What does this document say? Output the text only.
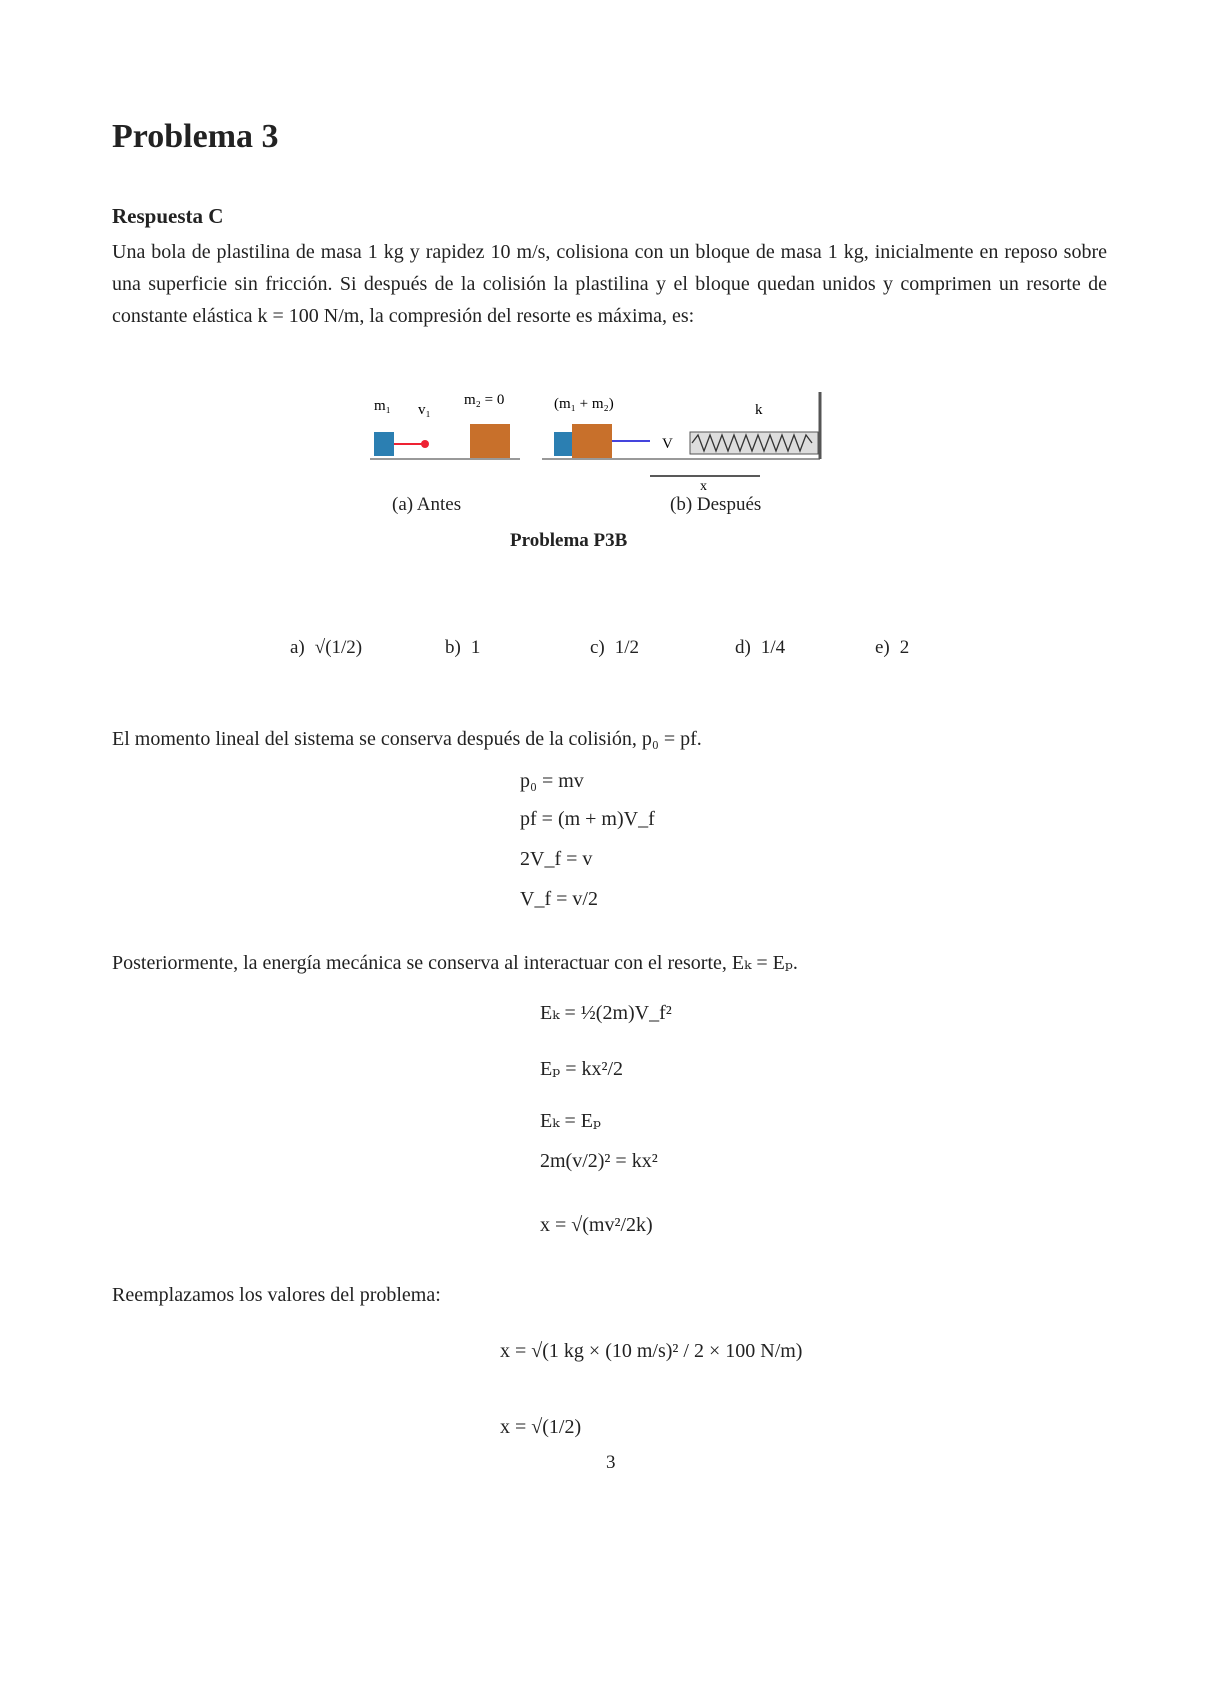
Problema 3
Respuesta C
Una bola de plastilina de masa 1 kg y rapidez 10 m/s, colisiona con un bloque de masa 1 kg, inicialmente en reposo sobre una superficie sin fricción. Si después de la colisión la plastilina y el bloque quedan unidos y comprimen un resorte de constante elástica k = 100 N/m, la compresión del resorte es máxima, es:
m₁ v₁
m₂ = 0	(m₁ + m₂)
V
k
x
(a) Antes	(b) Después
Problema P3B
a) √(1/2)	b) 1	c) 1/2	d) 1/4	e) 2
El momento lineal del sistema se conserva después de la colisión, p₀ = pf.
p₀ = mv
pf = (m + m)V_f
2V_f = v
V_f = v/2
Posteriormente, la energía mecánica se conserva al interactuar con el resorte, Eₖ = Eₚ.
Eₖ = ½(2m)V_f²
Eₚ = kx²/2
Eₖ = Eₚ
2m(v/2)² = kx²
x = √(mv²/2k)
Reemplazamos los valores del problema:
x = √(1 kg × (10 m/s)² / 2 × 100 N/m)
x = √(1/2)
3
